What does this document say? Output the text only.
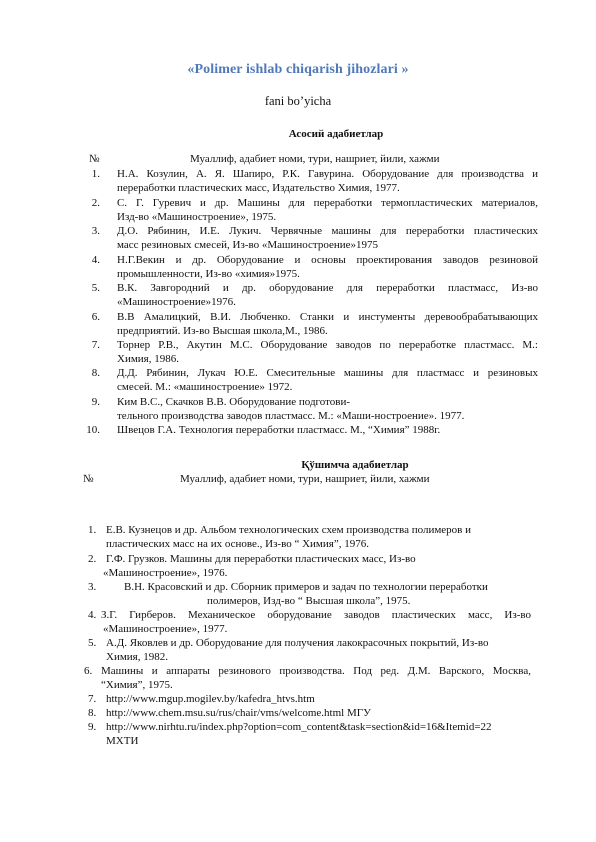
«Polimer ishlab chiqarish jihozlari »
fani bo’yicha
Асосий адабиетлар
№	Муаллиф, адабиет номи, тури, нашриет, йили, хажми
1. Н.А. Козулин, А. Я. Шапиро, Р.К. Гавурина. Оборудование для производства и
переработки пластических масс, Издательство Химия, 1977.
2. С. Г. Гуревич и др. Машины для переработки термопластических материалов,
Изд-во «Машиностроение», 1975.
3. Д.О. Рябинин, И.Е. Лукич. Червячные машины для переработки пластических
масс резиновых смесей, Из-во «Машиностроение»1975
4. Н.Г.Векин и др. Оборудование и основы проектирования заводов резиновой
промышленности, Из-во «химия»1975.
5. В.К. Завгородний и др. оборудование для переработки пластмасс, Из-во
«Машиностроение»1976.
6. В.В Амалицкий, В.И. Любченко. Станки и инстументы деревообрабатывающих
предприятий. Из-во Высшая школа,М., 1986.
7. Торнер Р.В., Акутин М.С. Оборудование заводов по переработке пластмасс. М.:
Химия, 1986.
8. Д.Д. Рябинин, Лукач Ю.Е. Смесительные машины для пластмасс и резиновых
смесей. М.: «машиностроение» 1972.
9. Ким В.С., Скачков В.В. Оборудование подготови-
тельного производства заводов пластмасс. М.: «Маши-ностроение». 1977.
10. Швецов Г.А. Технология переработки пластмасс. М., “Химия” 1988г.
Қўшимча адабиетлар
№	Муаллиф, адабиет номи, тури, нашриет, йили, хажми
1. Е.В. Кузнецов и др. Альбом технологических схем производства полимеров и
пластических масс на их основе., Из-во “ Химия”, 1976.
2. Г.Ф. Грузков. Машины для переработки пластических масс, Из-во
«Машиностроение», 1976.
3.	В.Н. Красовский и др. Сборник примеров и задач по технологии переработки
полимеров, Изд-во “ Высшая школа”, 1975.
4. З.Г. Гирберов. Механическое оборудование заводов пластических масс, Из-во
«Машиностроение», 1977.
5. А.Д. Яковлев и др. Оборудование для получения лакокрасочных покрытий, Из-во
Химия, 1982.
6. Машины и аппараты резинового производства. Под ред. Д.М. Варского, Москва,
“Химия”, 1975.
7. http://www.mgup.mogilev.by/kafedra_htvs.htm
8. http://www.chem.msu.su/rus/chair/vms/welcome.html МГУ
9. http://www.nirhtu.ru/index.php?option=com_content&task=section&id=16&Itemid=22
МХТИ
